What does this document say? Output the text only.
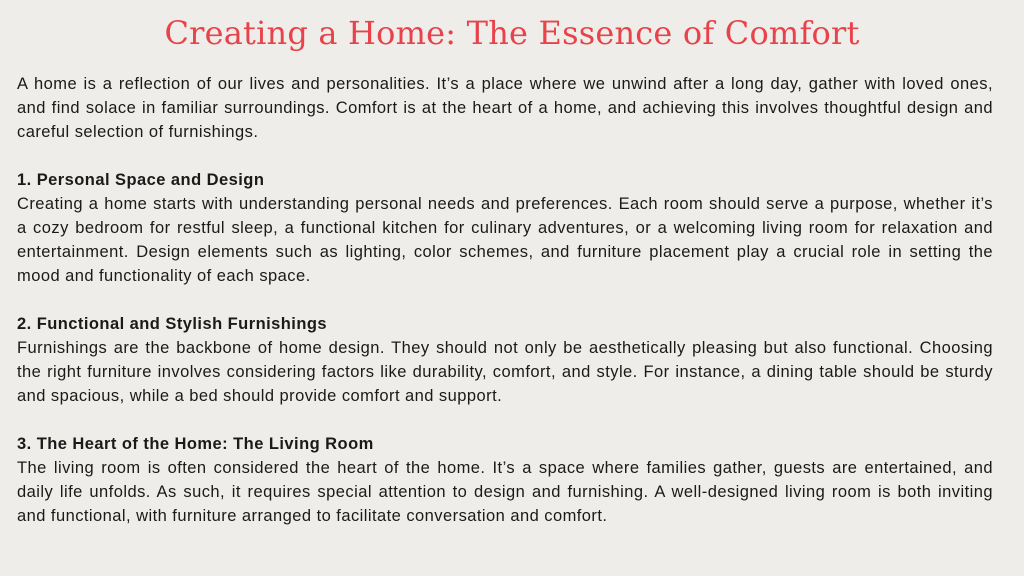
Creating a Home: The Essence of Comfort

A home is a reflection of our lives and personalities. It’s a place where we unwind after a long day, gather with loved ones, and find solace in familiar surroundings. Comfort is at the heart of a home, and achieving this involves thoughtful design and careful selection of furnishings.

1. Personal Space and Design

Creating a home starts with understanding personal needs and preferences. Each room should serve a purpose, whether it’s a cozy bedroom for restful sleep, a functional kitchen for culinary adventures, or a welcoming living room for relaxation and entertainment. Design elements such as lighting, color schemes, and furniture placement play a crucial role in setting the mood and functionality of each space.

2. Functional and Stylish Furnishings

Furnishings are the backbone of home design. They should not only be aesthetically pleasing but also functional. Choosing the right furniture involves considering factors like durability, comfort, and style. For instance, a dining table should be sturdy and spacious, while a bed should provide comfort and support.

3. The Heart of the Home: The Living Room

The living room is often considered the heart of the home. It’s a space where families gather, guests are entertained, and daily life unfolds. As such, it requires special attention to design and furnishing. A well-designed living room is both inviting and functional, with furniture arranged to facilitate conversation and comfort.
